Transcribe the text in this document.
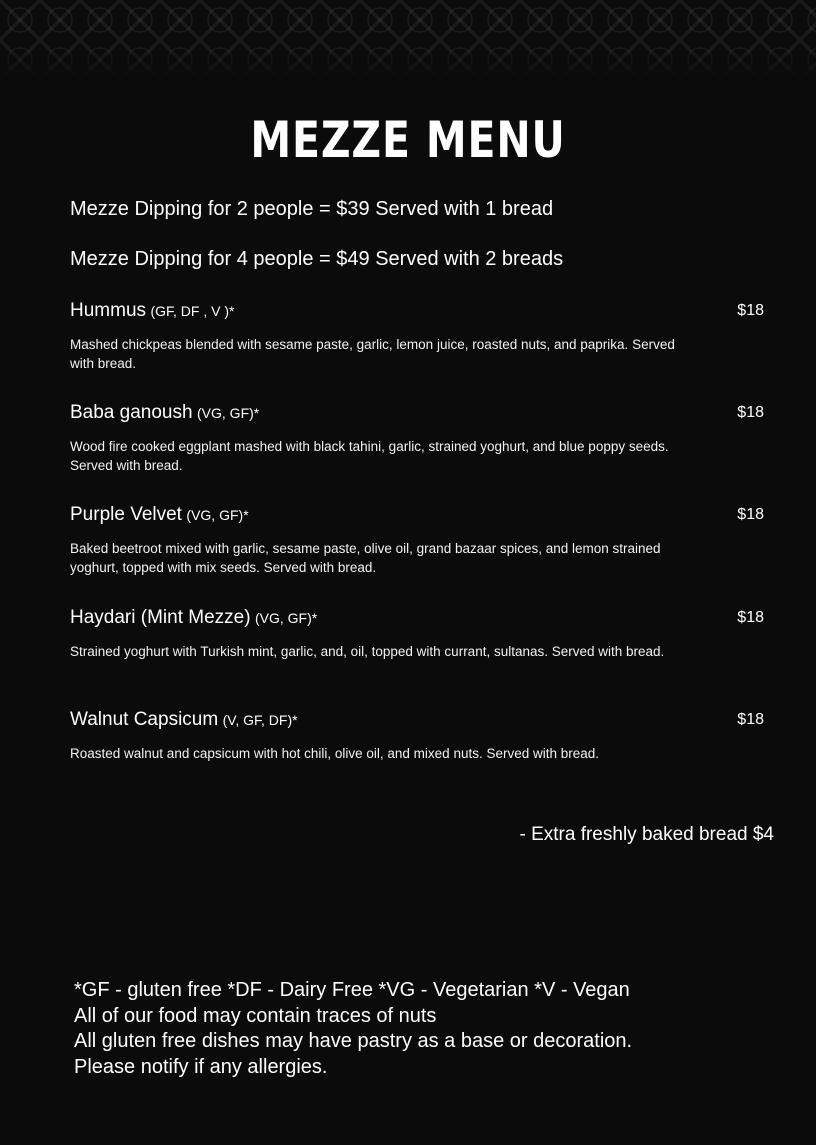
MEZZE MENU
Mezze Dipping for 2 people = $39 Served with 1 bread
Mezze Dipping for 4 people = $49 Served with 2 breads
Hummus (GF, DF , V )*	$18
Mashed chickpeas blended with sesame paste, garlic, lemon juice, roasted nuts, and paprika. Served with bread.
Baba ganoush (VG, GF)*	$18
Wood fire cooked eggplant mashed with black tahini, garlic, strained yoghurt, and blue poppy seeds. Served with bread.
Purple Velvet (VG, GF)*	$18
Baked beetroot mixed with garlic, sesame paste, olive oil, grand bazaar spices, and lemon strained yoghurt, topped with mix seeds. Served with bread.
Haydari (Mint Mezze) (VG, GF)*	$18
Strained yoghurt with Turkish mint, garlic, and, oil, topped with currant, sultanas. Served with bread.
Walnut Capsicum (V, GF, DF)*	$18
Roasted walnut and capsicum with hot chili, olive oil, and mixed nuts. Served with bread.
- Extra freshly baked bread $4
*GF - gluten free *DF - Dairy Free *VG - Vegetarian *V - Vegan
All of our food may contain traces of nuts
All gluten free dishes may have pastry as a base or decoration.
Please notify if any allergies.
